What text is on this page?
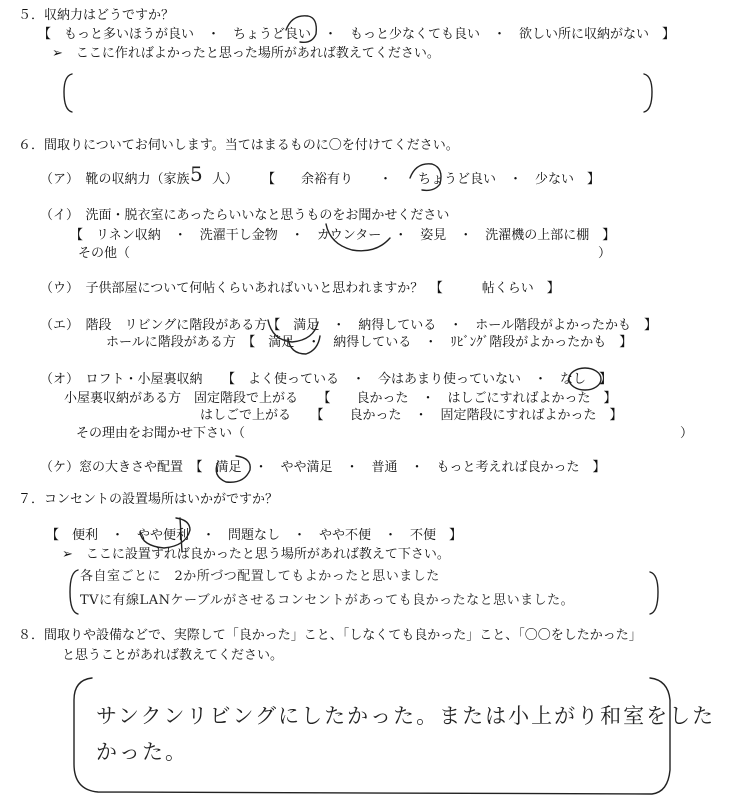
５．収納力はどうですか？
【　もっと多いほうが良い　・　ちょうど良い　・　もっと少なくても良い　・　欲しい所に収納がない　】
➢　ここに作ればよかったと思った場所があれば教えてください。
６．間取りについてお伺いします。当てはまるものに〇を付けてください。
（ア）　靴の収納力（家族 5 人） 【　　余裕有り　　・　　ちょうど良い　・　少ない　】
（イ）　洗面・脱衣室にあったらいいなと思うものをお聞かせください
【　リネン収納　・　洗濯干し金物　・　カウンター　・　姿見　・　洗濯機の上部に棚　】
その他（	）
（ウ）　子供部屋について何帖くらいあればいいと思われますか？　【　　　帖くらい　】
（エ）　階段　リビングに階段がある方【　満足　・　納得している　・　ホール階段がよかったかも　】
ホールに階段がある方　【　満足　・　納得している　・　ﾘﾋﾞﾝｸﾞ階段がよかったかも　】
（オ）　ロフト・小屋裏収納　　【　よく使っている　・　今はあまり使っていない　・　なし　】
小屋裏収納がある方　固定階段で上がる　　【　　良かった　・　はしごにすればよかった　】
はしごで上がる　　【　　良かった　・　固定階段にすればよかった　】
その理由をお聞かせ下さい（	）
（ケ）窓の大きさや配置　【　満足　・　やや満足　・　普通　・　もっと考えれば良かった　】
７．コンセントの設置場所はいかがですか？
【　便利　・　やや便利　・　問題なし　・　やや不便　・　不便　】
➢　ここに設置すれば良かったと思う場所があれば教えて下さい。
各自室ごとに　2か所づつ配置してもよかったと思いました
TVに有線LANケーブルがさせるコンセントがあっても良かったなと思いました。
８．間取りや設備などで、実際して「良かった」こと、「しなくても良かった」こと、「〇〇をしたかった」
と思うことがあれば教えてください。
サンクンリビングにしたかった。または小上がり和室をした
かった。
